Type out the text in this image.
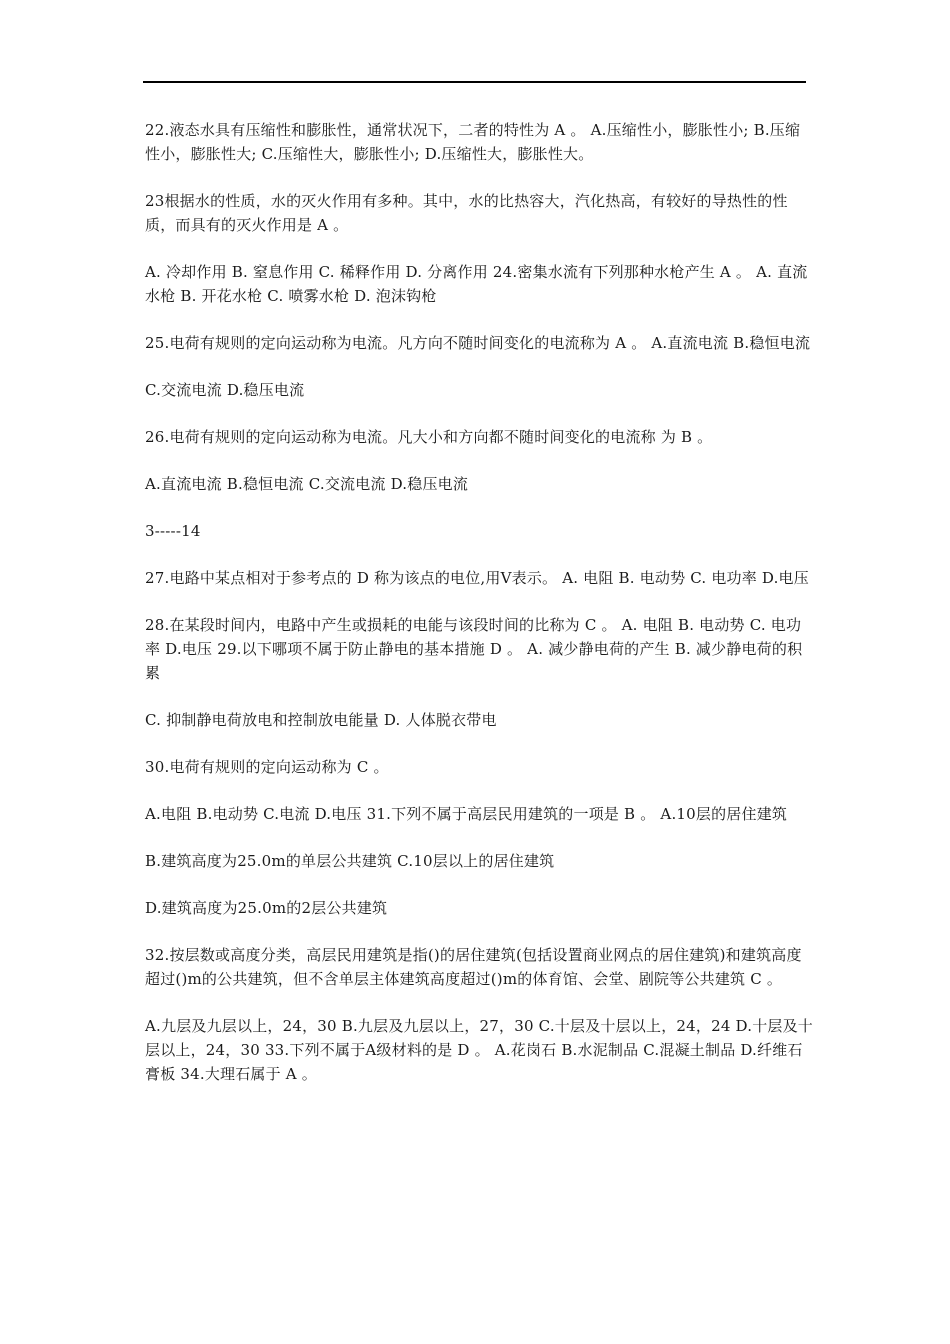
22.液态水具有压缩性和膨胀性，通常状况下，二者的特性为 A 。 A.压缩性小，膨胀性小; B.压缩性小，膨胀性大; C.压缩性大，膨胀性小; D.压缩性大，膨胀性大。

23根据水的性质，水的灭火作用有多种。其中，水的比热容大，汽化热高，有较好的导热性的性质，而具有的灭火作用是 A 。

A. 冷却作用 B. 窒息作用 C. 稀释作用 D. 分离作用 24.密集水流有下列那种水枪产生 A 。 A. 直流水枪 B. 开花水枪 C. 喷雾水枪 D. 泡沫钩枪

25.电荷有规则的定向运动称为电流。凡方向不随时间变化的电流称为 A 。 A.直流电流 B.稳恒电流

C.交流电流 D.稳压电流

26.电荷有规则的定向运动称为电流。凡大小和方向都不随时间变化的电流称 为 B 。

A.直流电流 B.稳恒电流 C.交流电流 D.稳压电流

3-----14

27.电路中某点相对于参考点的 D 称为该点的电位,用V表示。 A. 电阻 B. 电动势 C. 电功率 D.电压

28.在某段时间内，电路中产生或损耗的电能与该段时间的比称为 C 。 A. 电阻 B. 电动势 C. 电功率 D.电压 29.以下哪项不属于防止静电的基本措施 D 。 A. 减少静电荷的产生 B. 减少静电荷的积累

C. 抑制静电荷放电和控制放电能量 D. 人体脱衣带电

30.电荷有规则的定向运动称为 C 。

A.电阻 B.电动势 C.电流 D.电压 31.下列不属于高层民用建筑的一项是 B 。 A.10层的居住建筑

B.建筑高度为25.0m的单层公共建筑 C.10层以上的居住建筑

D.建筑高度为25.0m的2层公共建筑

32.按层数或高度分类，高层民用建筑是指()的居住建筑(包括设置商业网点的居住建筑)和建筑高度超过()m的公共建筑，但不含单层主体建筑高度超过()m的体育馆、会堂、剧院等公共建筑 C 。

A.九层及九层以上，24，30 B.九层及九层以上，27，30 C.十层及十层以上，24，24 D.十层及十层以上，24，30 33.下列不属于A级材料的是 D 。 A.花岗石 B.水泥制品 C.混凝土制品 D.纤维石膏板 34.大理石属于 A 。
